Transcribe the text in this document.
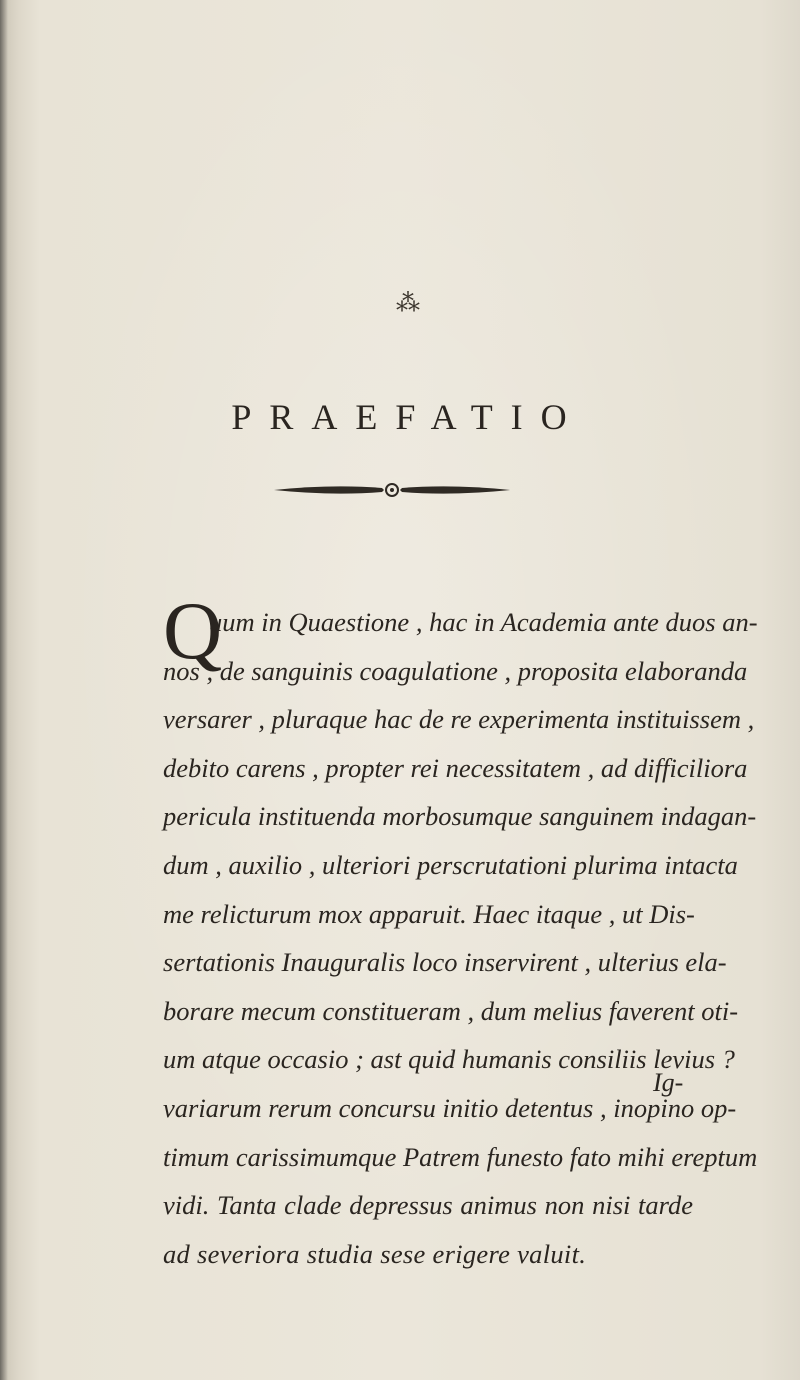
⁂
PRAEFATIO
Q
uum in Quaestione , hac in Academia ante duos an-
nos , de sanguinis coagulatione , proposita elaboranda
versarer , pluraque hac de re experimenta instituissem ,
debito carens , propter rei necessitatem , ad difficiliora
pericula instituenda morbosumque sanguinem indagan-
dum , auxilio , ulteriori perscrutationi plurima intacta
me relicturum mox apparuit. Haec itaque , ut Dis-
sertationis Inauguralis loco inservirent , ulterius ela-
borare mecum constitueram , dum melius faverent oti-
um atque occasio ; ast quid humanis consiliis levius ?
variarum rerum concursu initio detentus , inopino op-
timum carissimumque Patrem funesto fato mihi ereptum
vidi. Tanta clade depressus animus non nisi tarde
ad severiora studia sese erigere valuit.
Ig-
